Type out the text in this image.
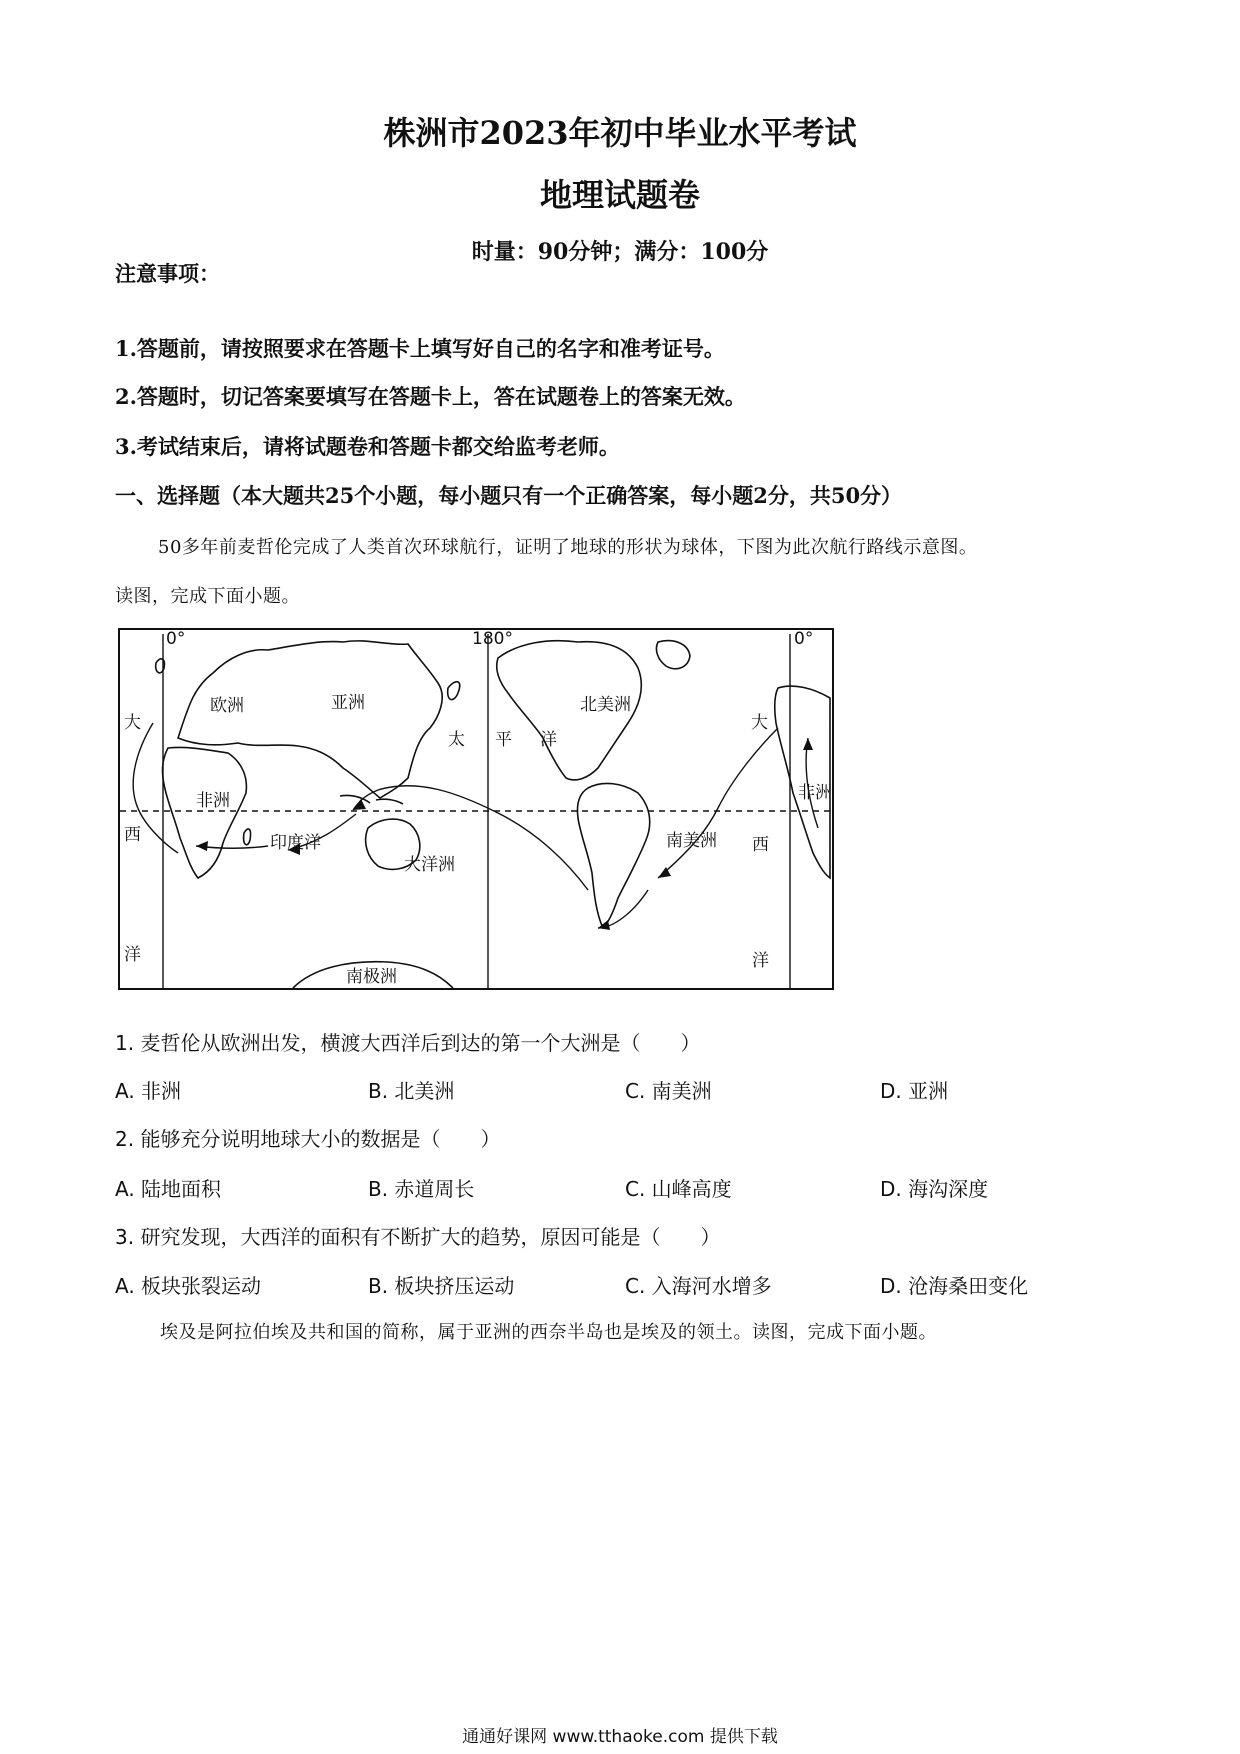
株洲市2023年初中毕业水平考试
地理试题卷
时量：90分钟；满分：100分
注意事项：
1.答题前，请按照要求在答题卡上填写好自己的名字和准考证号。
2.答题时，切记答案要填写在答题卡上，答在试题卷上的答案无效。
3.考试结束后，请将试题卷和答题卡都交给监考老师。
一、选择题（本大题共25个小题，每小题只有一个正确答案，每小题2分，共50分）
50多年前麦哲伦完成了人类首次环球航行，证明了地球的形状为球体，下图为此次航行路线示意图。
读图，完成下面小题。
0°	180°	0°
欧洲	亚洲
非洲	非洲
北美洲
南美洲
大洋洲
南极洲
印度洋
太 平 洋
大
西
洋
大
西
洋
1. 麦哲伦从欧洲出发，横渡大西洋后到达的第一个大洲是（　　）
A. 非洲	B. 北美洲	C. 南美洲	D. 亚洲
2. 能够充分说明地球大小的数据是（　　）
A. 陆地面积	B. 赤道周长	C. 山峰高度	D. 海沟深度
3. 研究发现，大西洋的面积有不断扩大的趋势，原因可能是（　　）
A. 板块张裂运动	B. 板块挤压运动	C. 入海河水增多	D. 沧海桑田变化
埃及是阿拉伯埃及共和国的简称，属于亚洲的西奈半岛也是埃及的领土。读图，完成下面小题。
通通好课网 www.tthaoke.com 提供下载
